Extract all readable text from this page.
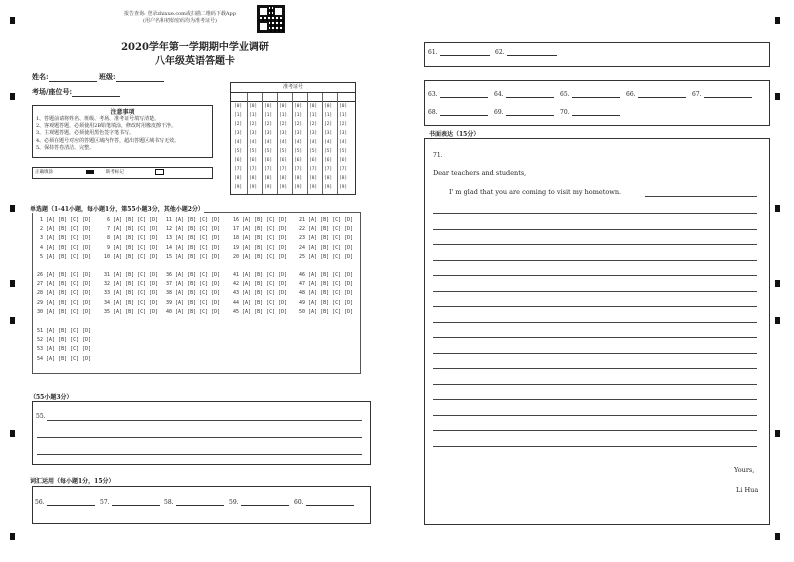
报告查询: 登录zhixue.com或扫描二维码下载App
(用户名和初始密码均为准考证号)
2020学年第一学期期中学业调研
八年级英语答题卡
姓名:	班级:
考场/座位号:	准考证号
[0] [0] [0] [0] [0] [0] [0] [0]
[1] [1] [1] [1] [1] [1] [1] [1]
[2] [2] [2] [2] [2] [2] [2] [2]
[3] [3] [3] [3] [3] [3] [3] [3]
[4] [4] [4] [4] [4] [4] [4] [4]
[5] [5] [5] [5] [5] [5] [5] [5]
[6] [6] [6] [6] [6] [6] [6] [6]
[7] [7] [7] [7] [7] [7] [7] [7]
[8] [8] [8] [8] [8] [8] [8] [8]
[9] [9] [9] [9] [9] [9] [9] [9]
注意事项
1、答题前请将姓名、班级、考场、准考证号填写清楚。
2、客观题答题，必须使用2B铅笔填涂，修改时用橡皮擦干净。
3、主观题答题，必须使用黑色签字笔书写。
4、必须在题号对应的答题区域内作答，超出答题区域书写无效。
5、保持答卷清洁、完整。
正确填涂	缺考标记
单选题（1-41小题，每小题1分，第55小题3分，其他小题2分）
1 [A] [B] [C] [D]	6 [A] [B] [C] [D] 11 [A] [B] [C] [D]	16 [A] [B] [C] [D] 21 [A] [B] [C] [D]
2 [A] [B] [C] [D]	7 [A] [B] [C] [D] 12 [A] [B] [C] [D]	17 [A] [B] [C] [D] 22 [A] [B] [C] [D]
3 [A] [B] [C] [D]	8 [A] [B] [C] [D] 13 [A] [B] [C] [D]	18 [A] [B] [C] [D] 23 [A] [B] [C] [D]
4 [A] [B] [C] [D]	9 [A] [B] [C] [D] 14 [A] [B] [C] [D]	19 [A] [B] [C] [D] 24 [A] [B] [C] [D]
5 [A] [B] [C] [D]	10 [A] [B] [C] [D] 15 [A] [B] [C] [D]	20 [A] [B] [C] [D] 25 [A] [B] [C] [D]
26 [A] [B] [C] [D]	31 [A] [B] [C] [D] 36 [A] [B] [C] [D]	41 [A] [B] [C] [D] 46 [A] [B] [C] [D]
27 [A] [B] [C] [D]	32 [A] [B] [C] [D] 37 [A] [B] [C] [D]	42 [A] [B] [C] [D] 47 [A] [B] [C] [D]
28 [A] [B] [C] [D]	33 [A] [B] [C] [D] 38 [A] [B] [C] [D]	43 [A] [B] [C] [D] 48 [A] [B] [C] [D]
29 [A] [B] [C] [D]	34 [A] [B] [C] [D] 39 [A] [B] [C] [D]	44 [A] [B] [C] [D] 49 [A] [B] [C] [D]
30 [A] [B] [C] [D]	35 [A] [B] [C] [D] 40 [A] [B] [C] [D]	45 [A] [B] [C] [D] 50 [A] [B] [C] [D]
51 [A] [B] [C] [D]
52 [A] [B] [C] [D]
53 [A] [B] [C] [D]
54 [A] [B] [C] [D]
（55小题3分）
55.
词汇运用（每小题1分，15分）
56.	57.	58.	59.	60.
61.	62.
63.	64.	65.	66.	67.
68.	69.	70.
书面表达（15分）
71.
Dear teachers and students,
I' m glad that you are coming to visit my hometown.
Yours,
Li Hua
